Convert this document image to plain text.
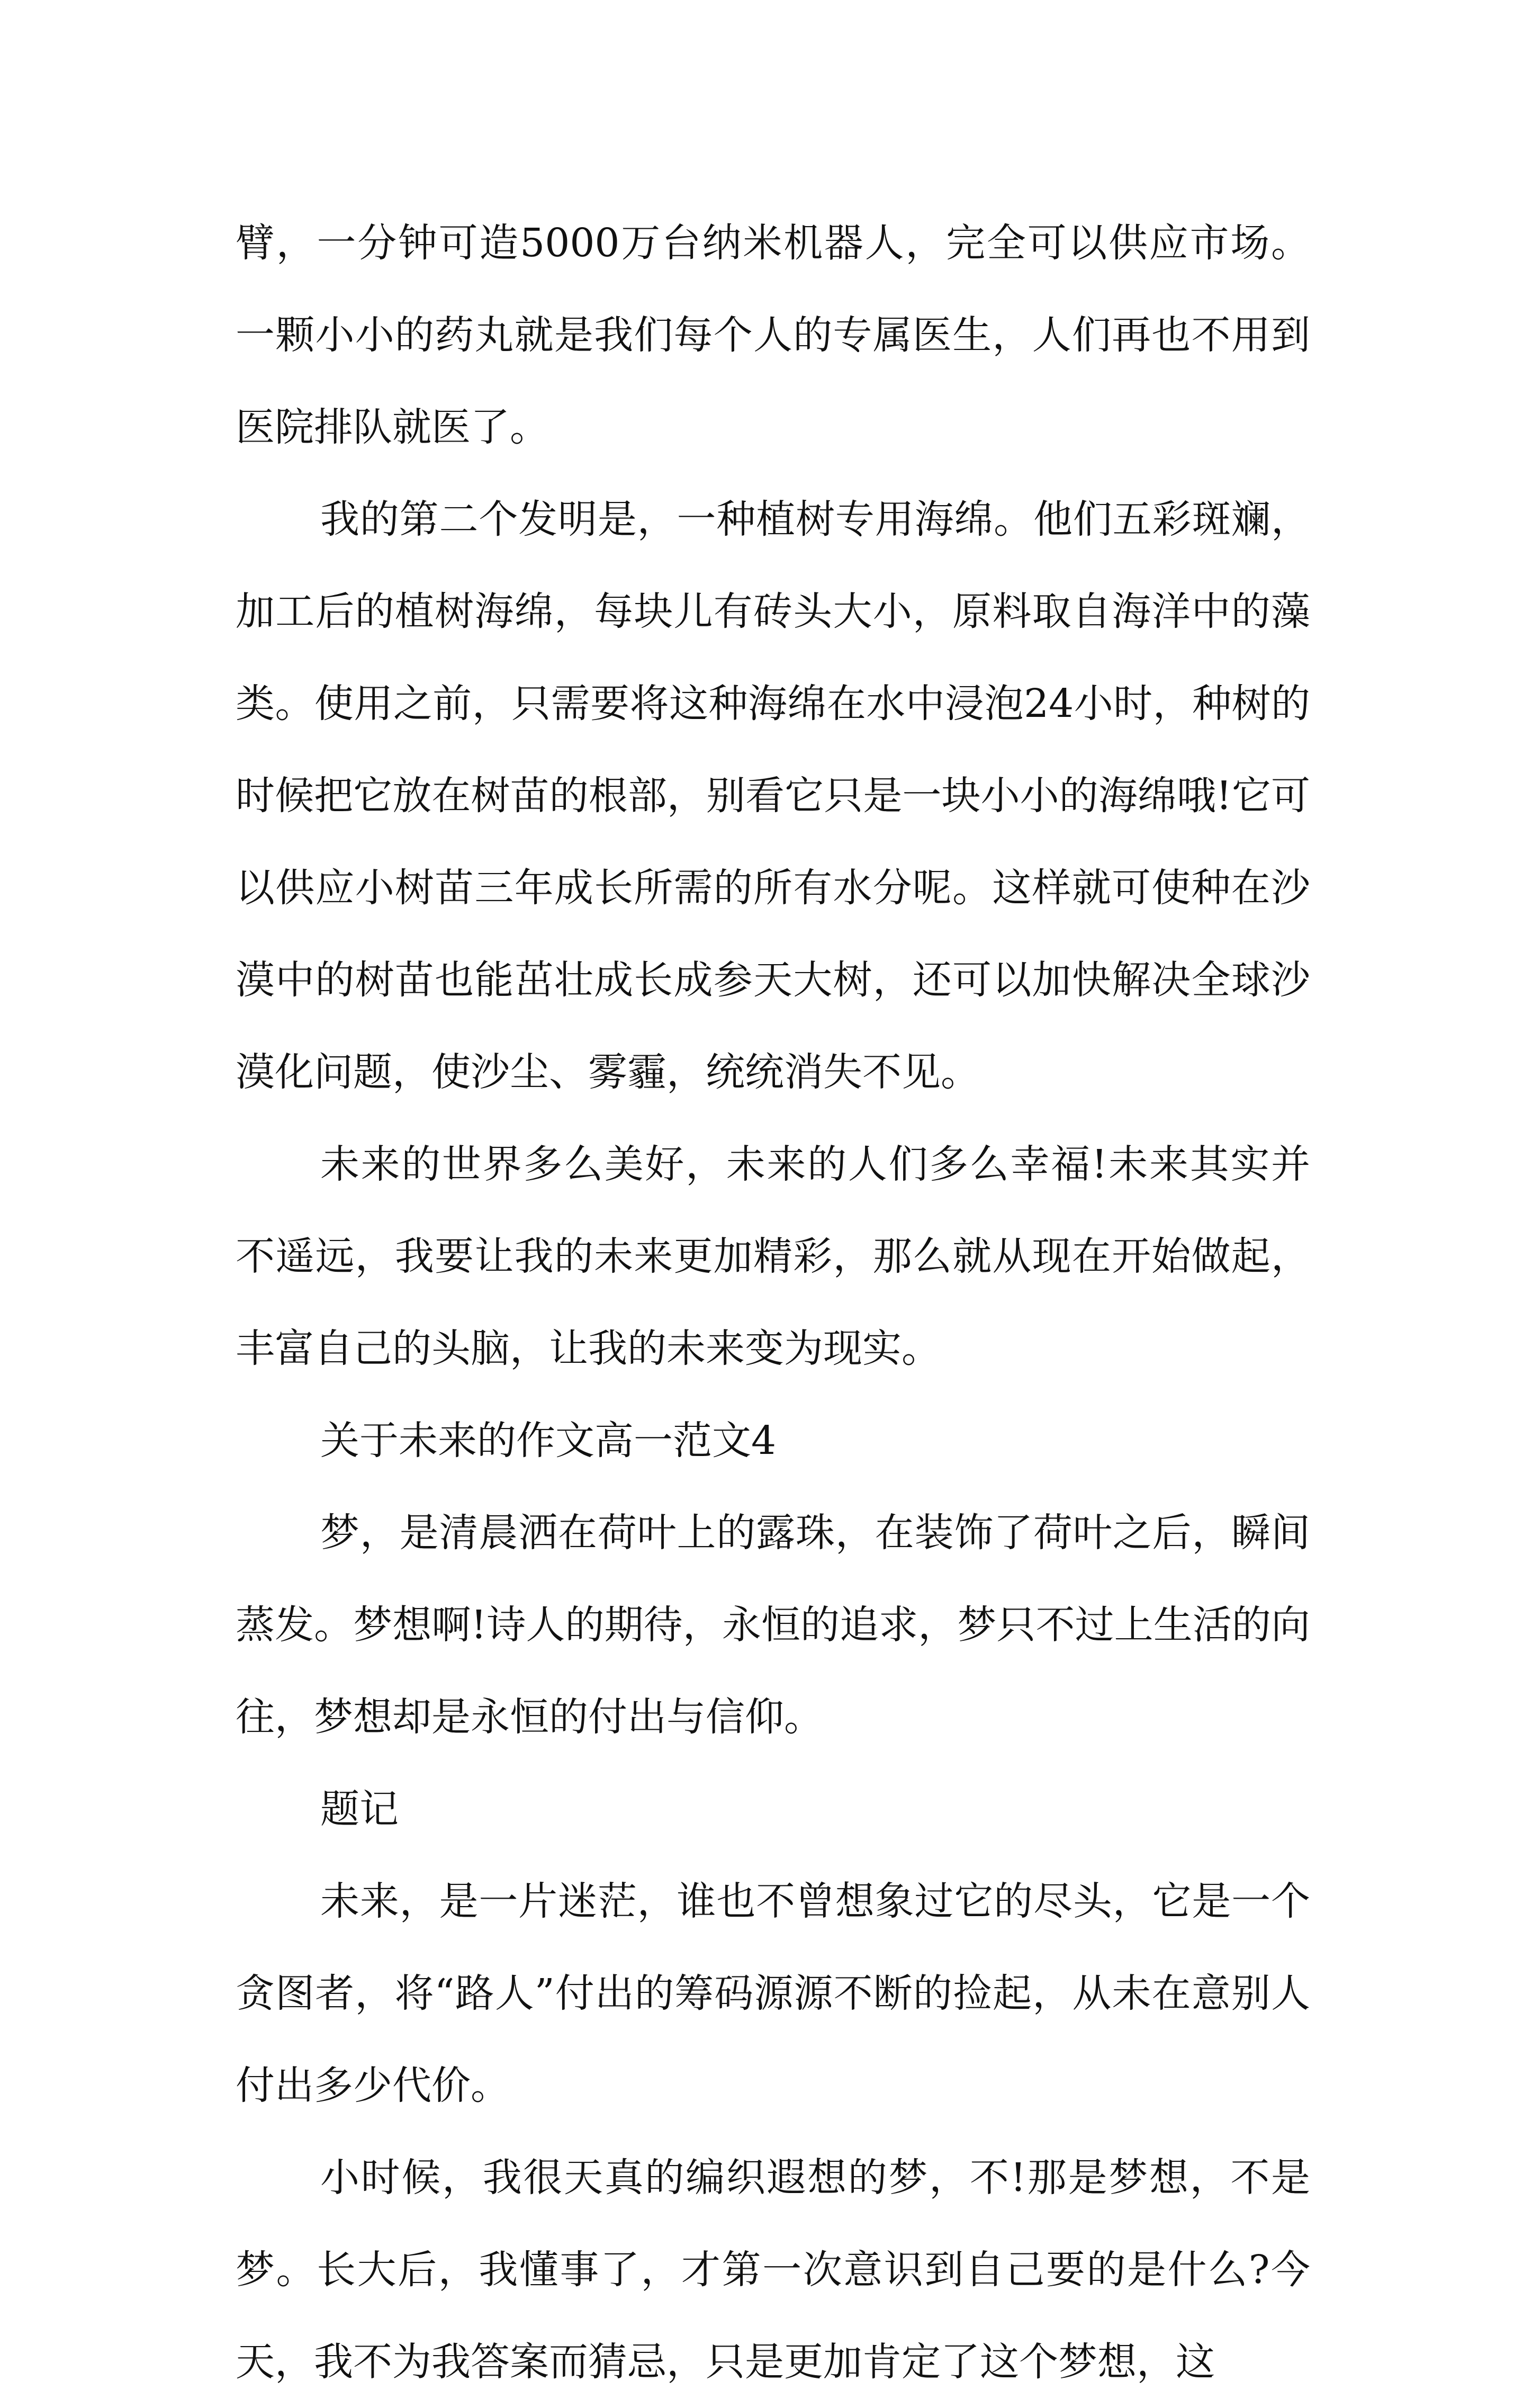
臂，一分钟可造5000万台纳米机器人，完全可以供应市场。一颗小小的药丸就是我们每个人的专属医生，人们再也不用到医院排队就医了。

我的第二个发明是，一种植树专用海绵。他们五彩斑斓，加工后的植树海绵，每块儿有砖头大小，原料取自海洋中的藻类。使用之前，只需要将这种海绵在水中浸泡24小时，种树的时候把它放在树苗的根部，别看它只是一块小小的海绵哦!它可以供应小树苗三年成长所需的所有水分呢。这样就可使种在沙漠中的树苗也能茁壮成长成参天大树，还可以加快解决全球沙漠化问题，使沙尘、雾霾，统统消失不见。

未来的世界多么美好，未来的人们多么幸福!未来其实并不遥远，我要让我的未来更加精彩，那么就从现在开始做起，丰富自己的头脑，让我的未来变为现实。

关于未来的作文高一范文4

梦，是清晨洒在荷叶上的露珠，在装饰了荷叶之后，瞬间蒸发。梦想啊!诗人的期待，永恒的追求，梦只不过上生活的向往，梦想却是永恒的付出与信仰。

题记

未来，是一片迷茫，谁也不曾想象过它的尽头，它是一个贪图者，将“路人”付出的筹码源源不断的捡起，从未在意别人付出多少代价。

小时候，我很天真的编织遐想的梦，不!那是梦想，不是梦。长大后，我懂事了，才第一次意识到自己要的是什么?今天，我不为我答案而猜忌，只是更加肯定了这个梦想，这
